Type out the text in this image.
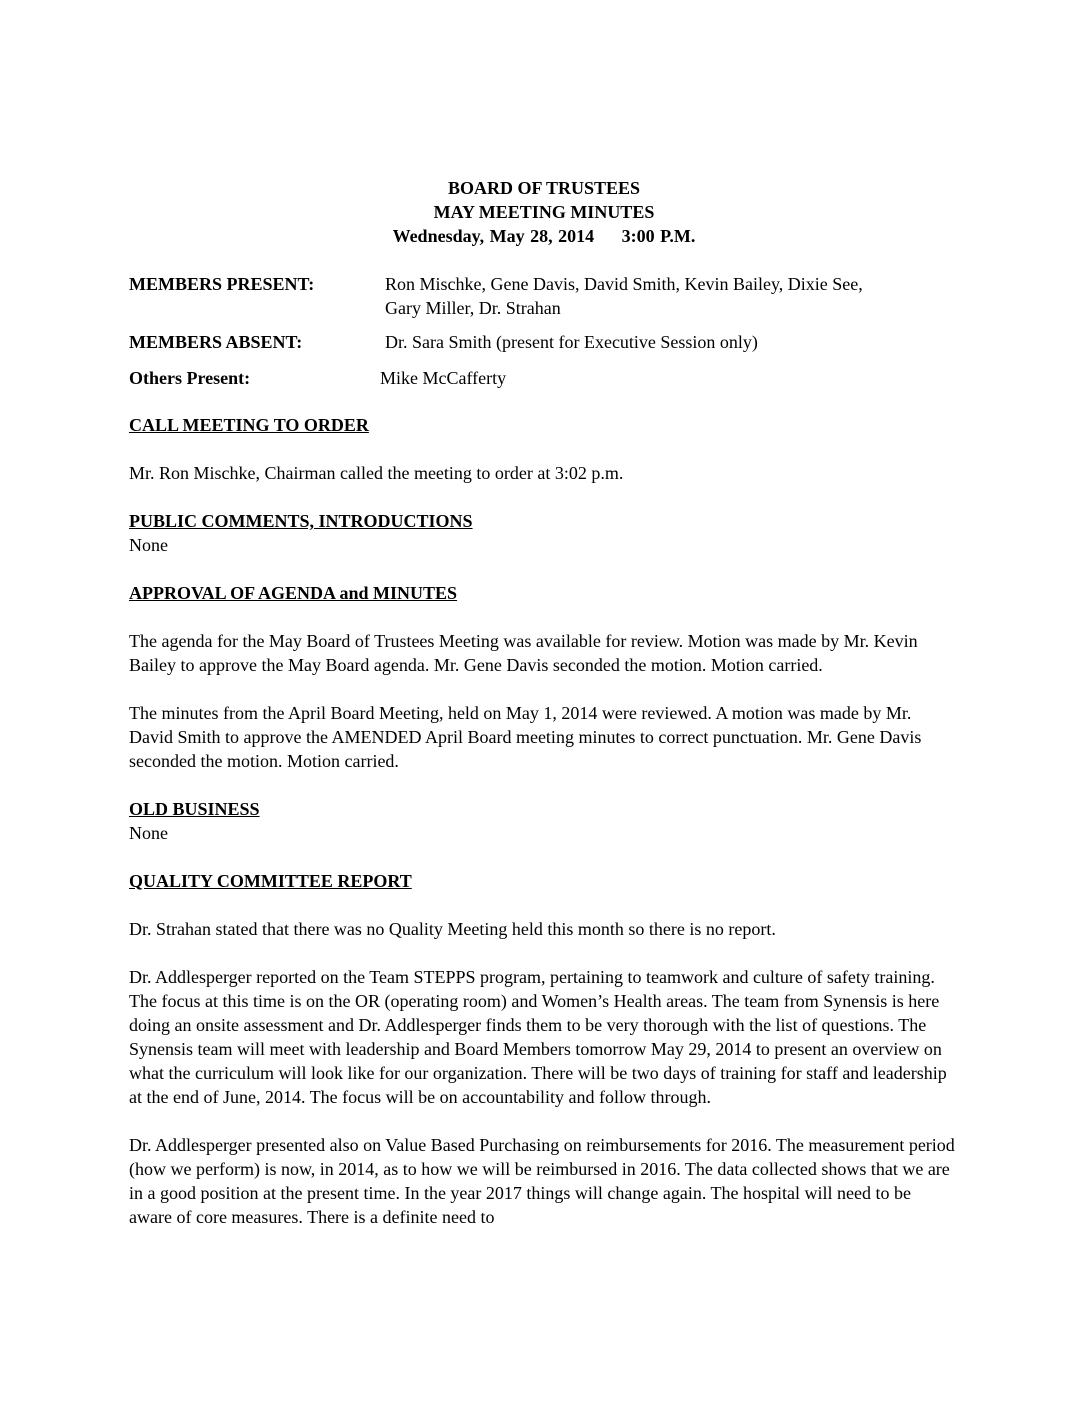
BOARD OF TRUSTEES
MAY MEETING MINUTES
Wednesday, May 28, 2014     3:00 P.M.
MEMBERS PRESENT:	Ron Mischke, Gene Davis, David Smith, Kevin Bailey, Dixie See,
Gary Miller, Dr. Strahan
MEMBERS ABSENT:	Dr. Sara Smith (present for Executive Session only)
Others Present:	Mike McCafferty
CALL MEETING TO ORDER

Mr. Ron Mischke, Chairman called the meeting to order at 3:02 p.m.

PUBLIC COMMENTS, INTRODUCTIONS

None

APPROVAL OF AGENDA and MINUTES

The agenda for the May Board of Trustees Meeting was available for review. Motion was made by Mr. Kevin Bailey to approve the May Board agenda. Mr. Gene Davis seconded the motion. Motion carried.

The minutes from the April Board Meeting, held on May 1, 2014 were reviewed. A motion was made by Mr. David Smith to approve the AMENDED April Board meeting minutes to correct punctuation. Mr. Gene Davis seconded the motion. Motion carried.

OLD BUSINESS

None

QUALITY COMMITTEE REPORT

Dr. Strahan stated that there was no Quality Meeting held this month so there is no report.

Dr. Addlesperger reported on the Team STEPPS program, pertaining to teamwork and culture of safety training. The focus at this time is on the OR (operating room) and Women’s Health areas. The team from Synensis is here doing an onsite assessment and Dr. Addlesperger finds them to be very thorough with the list of questions. The Synensis team will meet with leadership and Board Members tomorrow May 29, 2014 to present an overview on what the curriculum will look like for our organization. There will be two days of training for staff and leadership at the end of June, 2014. The focus will be on accountability and follow through.

Dr. Addlesperger presented also on Value Based Purchasing on reimbursements for 2016. The measurement period (how we perform) is now, in 2014, as to how we will be reimbursed in 2016. The data collected shows that we are in a good position at the present time. In the year 2017 things will change again. The hospital will need to be aware of core measures. There is a definite need to
